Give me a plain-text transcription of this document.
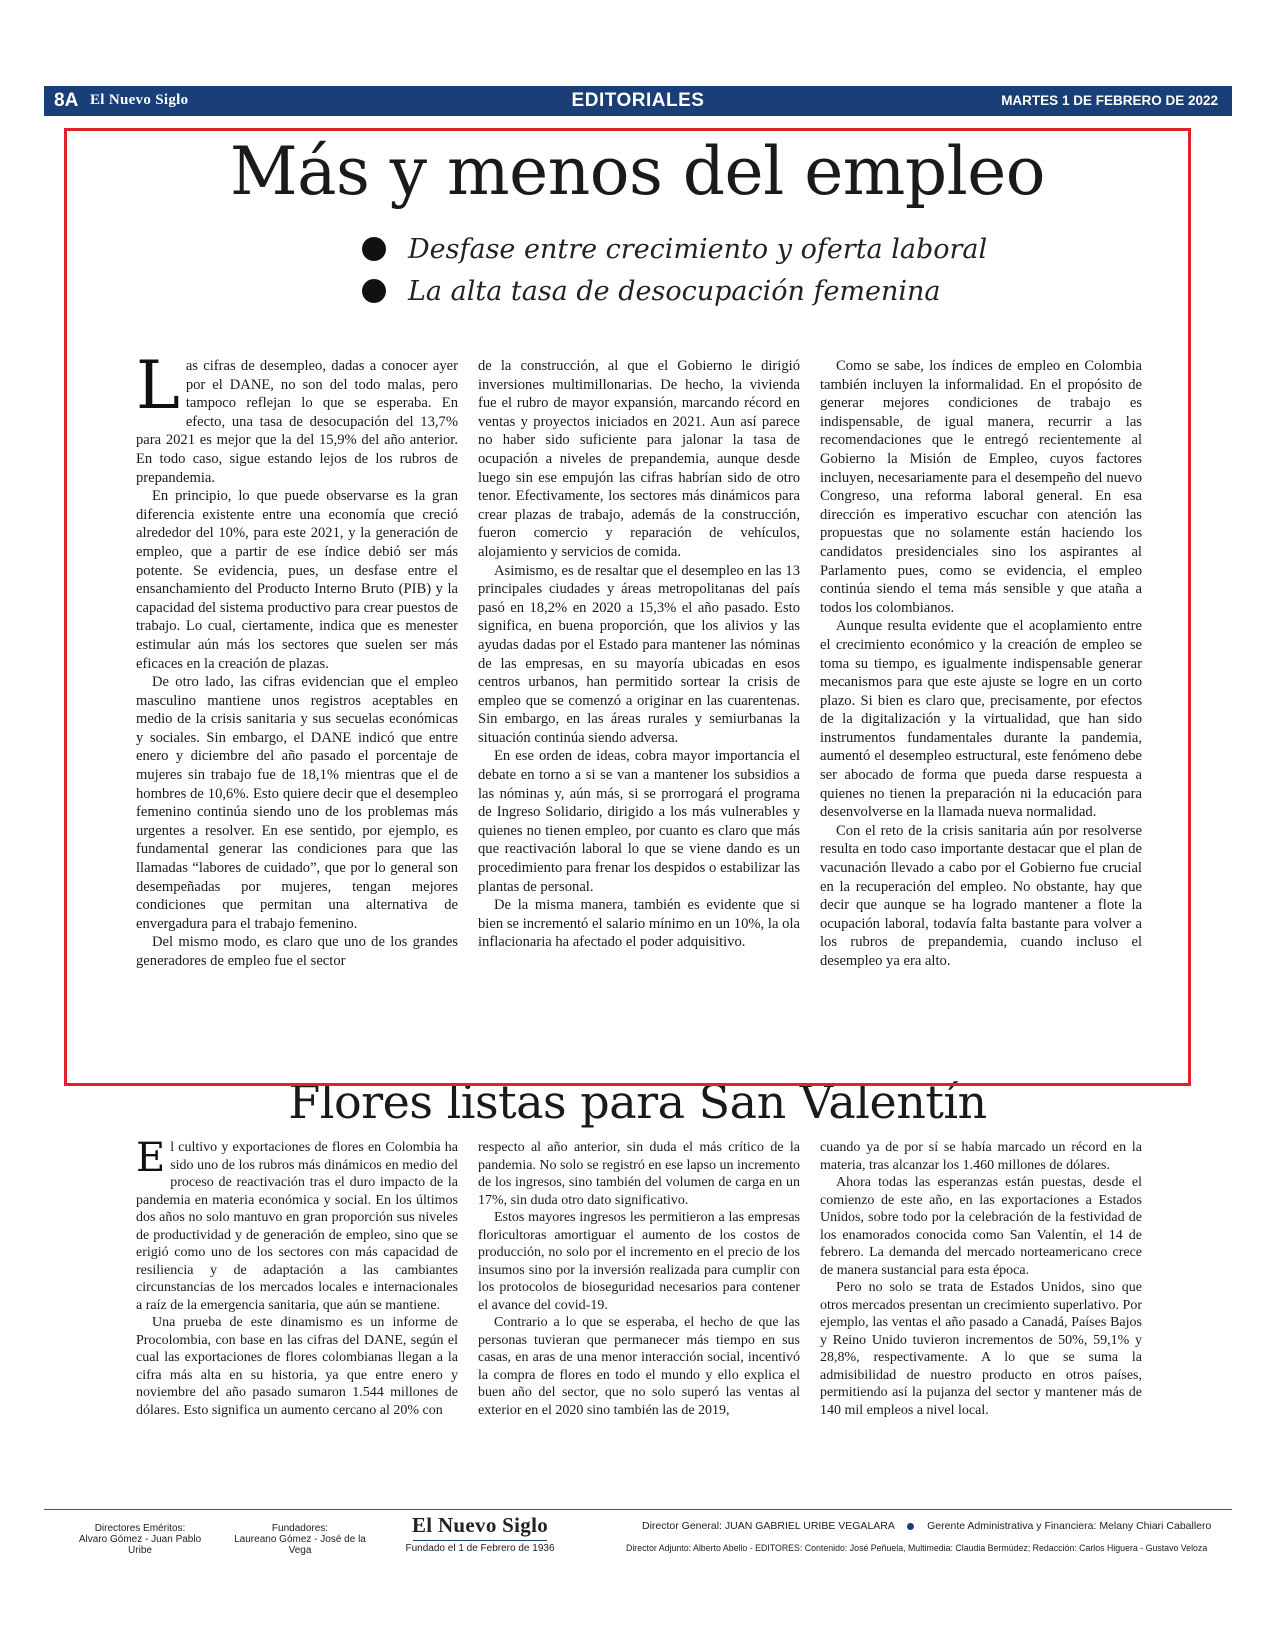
8A El Nuevo Siglo	EDITORIALES	MARTES 1 DE FEBRERO DE 2022
Más y menos del empleo
Desfase entre crecimiento y oferta laboral
La alta tasa de desocupación femenina

Las cifras de desempleo, dadas a conocer ayer por el DANE, no son del todo malas, pero tampoco reflejan lo que se esperaba. En efecto, una tasa de desocupación del 13,7% para 2021 es mejor que la del 15,9% del año anterior. En todo caso, sigue estando lejos de los rubros de prepandemia.

En principio, lo que puede observarse es la gran diferencia existente entre una economía que creció alrededor del 10%, para este 2021, y la generación de empleo, que a partir de ese índice debió ser más potente. Se evidencia, pues, un desfase entre el ensanchamiento del Producto Interno Bruto (PIB) y la capacidad del sistema productivo para crear puestos de trabajo. Lo cual, ciertamente, indica que es menester estimular aún más los sectores que suelen ser más eficaces en la creación de plazas.

De otro lado, las cifras evidencian que el empleo masculino mantiene unos registros aceptables en medio de la crisis sanitaria y sus secuelas económicas y sociales. Sin embargo, el DANE indicó que entre enero y diciembre del año pasado el porcentaje de mujeres sin trabajo fue de 18,1% mientras que el de hombres de 10,6%. Esto quiere decir que el desempleo femenino continúa siendo uno de los problemas más urgentes a resolver. En ese sentido, por ejemplo, es fundamental generar las condiciones para que las llamadas “labores de cuidado”, que por lo general son desempeñadas por mujeres, tengan mejores condiciones que permitan una alternativa de envergadura para el trabajo femenino.

Del mismo modo, es claro que uno de los grandes generadores de empleo fue el sector

de la construcción, al que el Gobierno le dirigió inversiones multimillonarias. De hecho, la vivienda fue el rubro de mayor expansión, marcando récord en ventas y proyectos iniciados en 2021. Aun así parece no haber sido suficiente para jalonar la tasa de ocupación a niveles de prepandemia, aunque desde luego sin ese empujón las cifras habrían sido de otro tenor. Efectivamente, los sectores más dinámicos para crear plazas de trabajo, además de la construcción, fueron comercio y reparación de vehículos, alojamiento y servicios de comida.

Asimismo, es de resaltar que el desempleo en las 13 principales ciudades y áreas metropolitanas del país pasó en 18,2% en 2020 a 15,3% el año pasado. Esto significa, en buena proporción, que los alivios y las ayudas dadas por el Estado para mantener las nóminas de las empresas, en su mayoría ubicadas en esos centros urbanos, han permitido sortear la crisis de empleo que se comenzó a originar en las cuarentenas. Sin embargo, en las áreas rurales y semiurbanas la situación continúa siendo adversa.

En ese orden de ideas, cobra mayor importancia el debate en torno a si se van a mantener los subsidios a las nóminas y, aún más, si se prorrogará el programa de Ingreso Solidario, dirigido a los más vulnerables y quienes no tienen empleo, por cuanto es claro que más que reactivación laboral lo que se viene dando es un procedimiento para frenar los despidos o estabilizar las plantas de personal.

De la misma manera, también es evidente que si bien se incrementó el salario mínimo en un 10%, la ola inflacionaria ha afectado el poder adquisitivo.

Como se sabe, los índices de empleo en Colombia también incluyen la informalidad. En el propósito de generar mejores condiciones de trabajo es indispensable, de igual manera, recurrir a las recomendaciones que le entregó recientemente al Gobierno la Misión de Empleo, cuyos factores incluyen, necesariamente para el desempeño del nuevo Congreso, una reforma laboral general. En esa dirección es imperativo escuchar con atención las propuestas que no solamente están haciendo los candidatos presidenciales sino los aspirantes al Parlamento pues, como se evidencia, el empleo continúa siendo el tema más sensible y que ataña a todos los colombianos.

Aunque resulta evidente que el acoplamiento entre el crecimiento económico y la creación de empleo se toma su tiempo, es igualmente indispensable generar mecanismos para que este ajuste se logre en un corto plazo. Si bien es claro que, precisamente, por efectos de la digitalización y la virtualidad, que han sido instrumentos fundamentales durante la pandemia, aumentó el desempleo estructural, este fenómeno debe ser abocado de forma que pueda darse respuesta a quienes no tienen la preparación ni la educación para desenvolverse en la llamada nueva normalidad.

Con el reto de la crisis sanitaria aún por resolverse resulta en todo caso importante destacar que el plan de vacunación llevado a cabo por el Gobierno fue crucial en la recuperación del empleo. No obstante, hay que decir que aunque se ha logrado mantener a flote la ocupación laboral, todavía falta bastante para volver a los rubros de prepandemia, cuando incluso el desempleo ya era alto.

Flores listas para San Valentín

El cultivo y exportaciones de flores en Colombia ha sido uno de los rubros más dinámicos en medio del proceso de reactivación tras el duro impacto de la pandemia en materia económica y social. En los últimos dos años no solo mantuvo en gran proporción sus niveles de productividad y de generación de empleo, sino que se erigió como uno de los sectores con más capacidad de resiliencia y de adaptación a las cambiantes circunstancias de los mercados locales e internacionales a raíz de la emergencia sanitaria, que aún se mantiene.

Una prueba de este dinamismo es un informe de Procolombia, con base en las cifras del DANE, según el cual las exportaciones de flores colombianas llegan a la cifra más alta en su historia, ya que entre enero y noviembre del año pasado sumaron 1.544 millones de dólares. Esto significa un aumento cercano al 20% con

respecto al año anterior, sin duda el más crítico de la pandemia. No solo se registró en ese lapso un incremento de los ingresos, sino también del volumen de carga en un 17%, sin duda otro dato significativo.

Estos mayores ingresos les permitieron a las empresas floricultoras amortiguar el aumento de los costos de producción, no solo por el incremento en el precio de los insumos sino por la inversión realizada para cumplir con los protocolos de bioseguridad necesarios para contener el avance del covid-19.

Contrario a lo que se esperaba, el hecho de que las personas tuvieran que permanecer más tiempo en sus casas, en aras de una menor interacción social, incentivó la compra de flores en todo el mundo y ello explica el buen año del sector, que no solo superó las ventas al exterior en el 2020 sino también las de 2019,

cuando ya de por sí se había marcado un récord en la materia, tras alcanzar los 1.460 millones de dólares.

Ahora todas las esperanzas están puestas, desde el comienzo de este año, en las exportaciones a Estados Unidos, sobre todo por la celebración de la festividad de los enamorados conocida como San Valentín, el 14 de febrero. La demanda del mercado norteamericano crece de manera sustancial para esta época.

Pero no solo se trata de Estados Unidos, sino que otros mercados presentan un crecimiento superlativo. Por ejemplo, las ventas el año pasado a Canadá, Países Bajos y Reino Unido tuvieron incrementos de 50%, 59,1% y 28,8%, respectivamente. A lo que se suma la admisibilidad de nuestro producto en otros países, permitiendo así la pujanza del sector y mantener más de 140 mil empleos a nivel local.

Directores Eméritos:
Alvaro Gómez - Juan Pablo Uribe
Fundadores:
Laureano Gómez - José de la Vega
El Nuevo Siglo
Fundado el 1 de Febrero de 1936
Director General: JUAN GABRIEL URIBE VEGALARA	Gerente Administrativa y Financiera: Melany Chiari Caballero
Director Adjunto: Alberto Abello - EDITORES: Contenido: José Peñuela, Multimedia: Claudia Bermúdez; Redacción: Carlos Higuera - Gustavo Veloza
